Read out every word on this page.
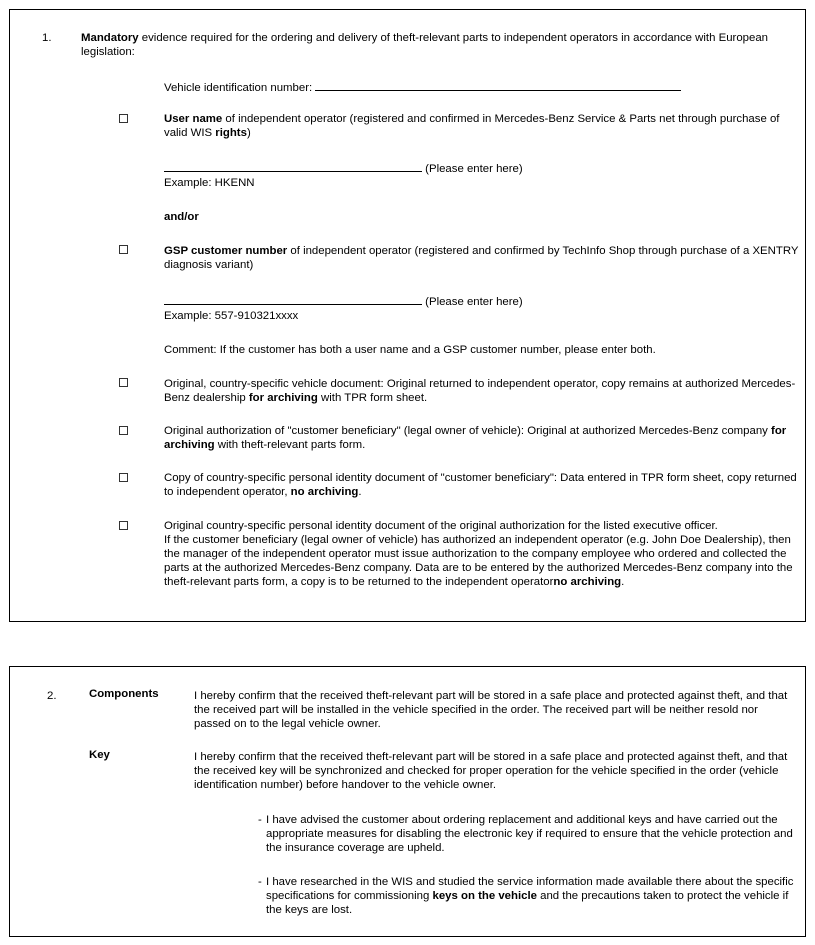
1.	Mandatory evidence required for the ordering and delivery of theft-relevant parts to independent operators in accordance with European legislation:
Vehicle identification number:
User name of independent operator (registered and confirmed in Mercedes-Benz Service & Parts net through purchase of valid WIS rights)
(Please enter here)
Example: HKENN
and/or
GSP customer number of independent operator (registered and confirmed by TechInfo Shop through purchase of a XENTRY diagnosis variant)
(Please enter here)
Example: 557-910321xxxx
Comment: If the customer has both a user name and a GSP customer number, please enter both.
Original, country-specific vehicle document: Original returned to independent operator, copy remains at authorized Mercedes-Benz dealership for archiving with TPR form sheet.
Original authorization of "customer beneficiary" (legal owner of vehicle): Original at authorized Mercedes-Benz company for archiving with theft-relevant parts form.
Copy of country-specific personal identity document of "customer beneficiary": Data entered in TPR form sheet, copy returned to independent operator, no archiving.
Original country-specific personal identity document of the original authorization for the listed executive officer.
If the customer beneficiary (legal owner of vehicle) has authorized an independent operator (e.g. John Doe Dealership), then the manager of the independent operator must issue authorization to the company employee who ordered and collected the parts at the authorized Mercedes-Benz company. Data are to be entered by the authorized Mercedes-Benz company into the theft-relevant parts form, a copy is to be returned to the independent operatorno archiving.
2.	Components	I hereby confirm that the received theft-relevant part will be stored in a safe place and protected against theft, and that the received part will be installed in the vehicle specified in the order. The received part will be neither resold nor passed on to the legal vehicle owner.
Key	I hereby confirm that the received theft-relevant part will be stored in a safe place and protected against theft, and that the received key will be synchronized and checked for proper operation for the vehicle specified in the order (vehicle identification number) before handover to the vehicle owner.
- I have advised the customer about ordering replacement and additional keys and have carried out the appropriate measures for disabling the electronic key if required to ensure that the vehicle protection and the insurance coverage are upheld.
- I have researched in the WIS and studied the service information made available there about the specific specifications for commissioning keys on the vehicle and the precautions taken to protect the vehicle if the keys are lost.
